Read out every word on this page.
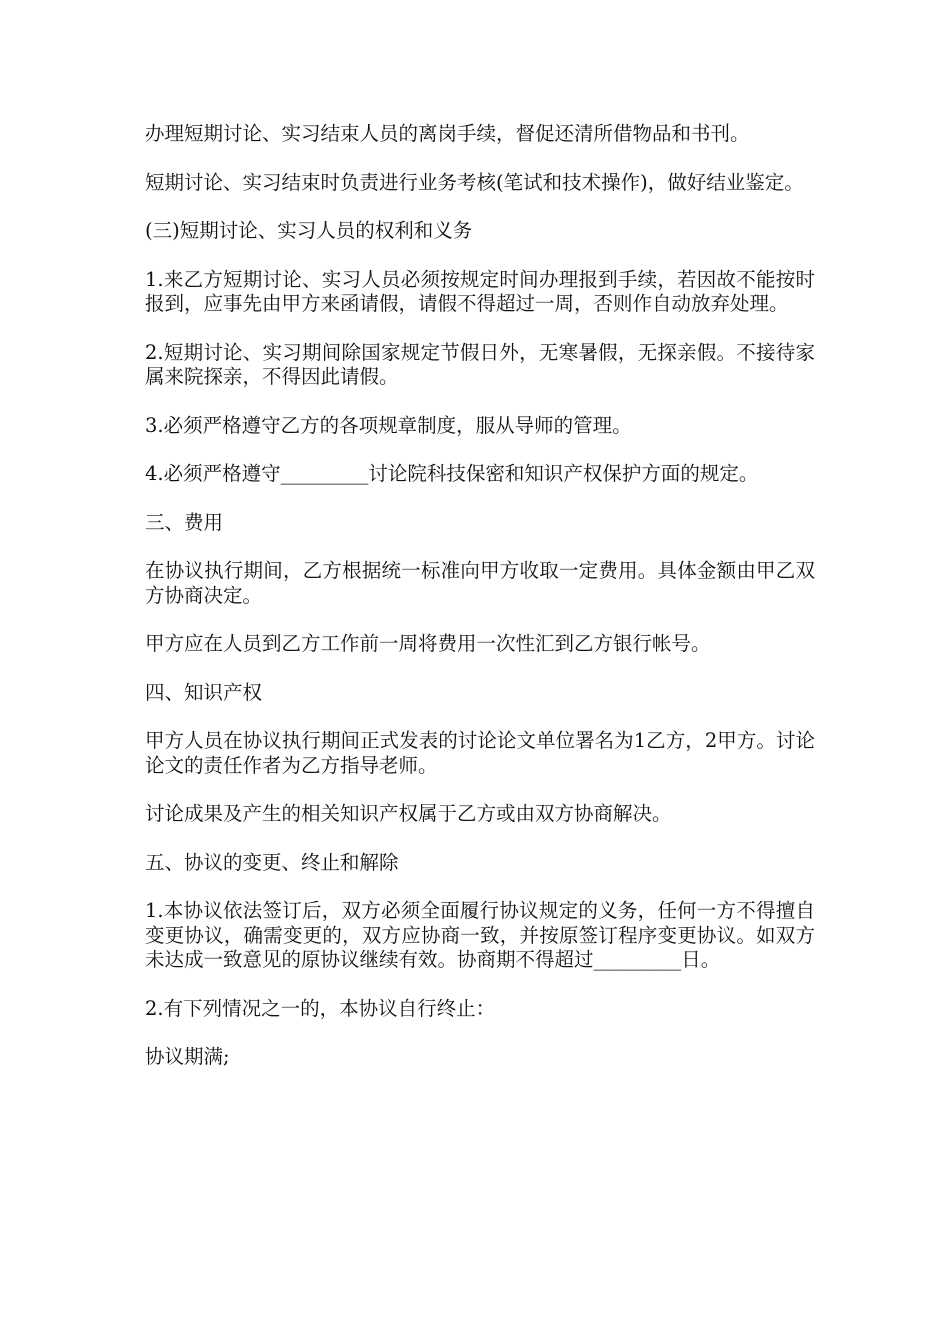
办理短期讨论、实习结束人员的离岗手续，督促还清所借物品和书刊。

短期讨论、实习结束时负责进行业务考核(笔试和技术操作)，做好结业鉴定。

(三)短期讨论、实习人员的权利和义务

1.来乙方短期讨论、实习人员必须按规定时间办理报到手续，若因故不能按时报到，应事先由甲方来函请假，请假不得超过一周，否则作自动放弃处理。

2.短期讨论、实习期间除国家规定节假日外，无寒暑假，无探亲假。不接待家属来院探亲，不得因此请假。

3.必须严格遵守乙方的各项规章制度，服从导师的管理。

4.必须严格遵守_________讨论院科技保密和知识产权保护方面的规定。

三、费用

在协议执行期间，乙方根据统一标准向甲方收取一定费用。具体金额由甲乙双方协商决定。

甲方应在人员到乙方工作前一周将费用一次性汇到乙方银行帐号。

四、知识产权

甲方人员在协议执行期间正式发表的讨论论文单位署名为1乙方，2甲方。讨论论文的责任作者为乙方指导老师。

讨论成果及产生的相关知识产权属于乙方或由双方协商解决。

五、协议的变更、终止和解除

1.本协议依法签订后，双方必须全面履行协议规定的义务，任何一方不得擅自变更协议，确需变更的，双方应协商一致，并按原签订程序变更协议。如双方未达成一致意见的原协议继续有效。协商期不得超过_________日。

2.有下列情况之一的，本协议自行终止：

协议期满;
